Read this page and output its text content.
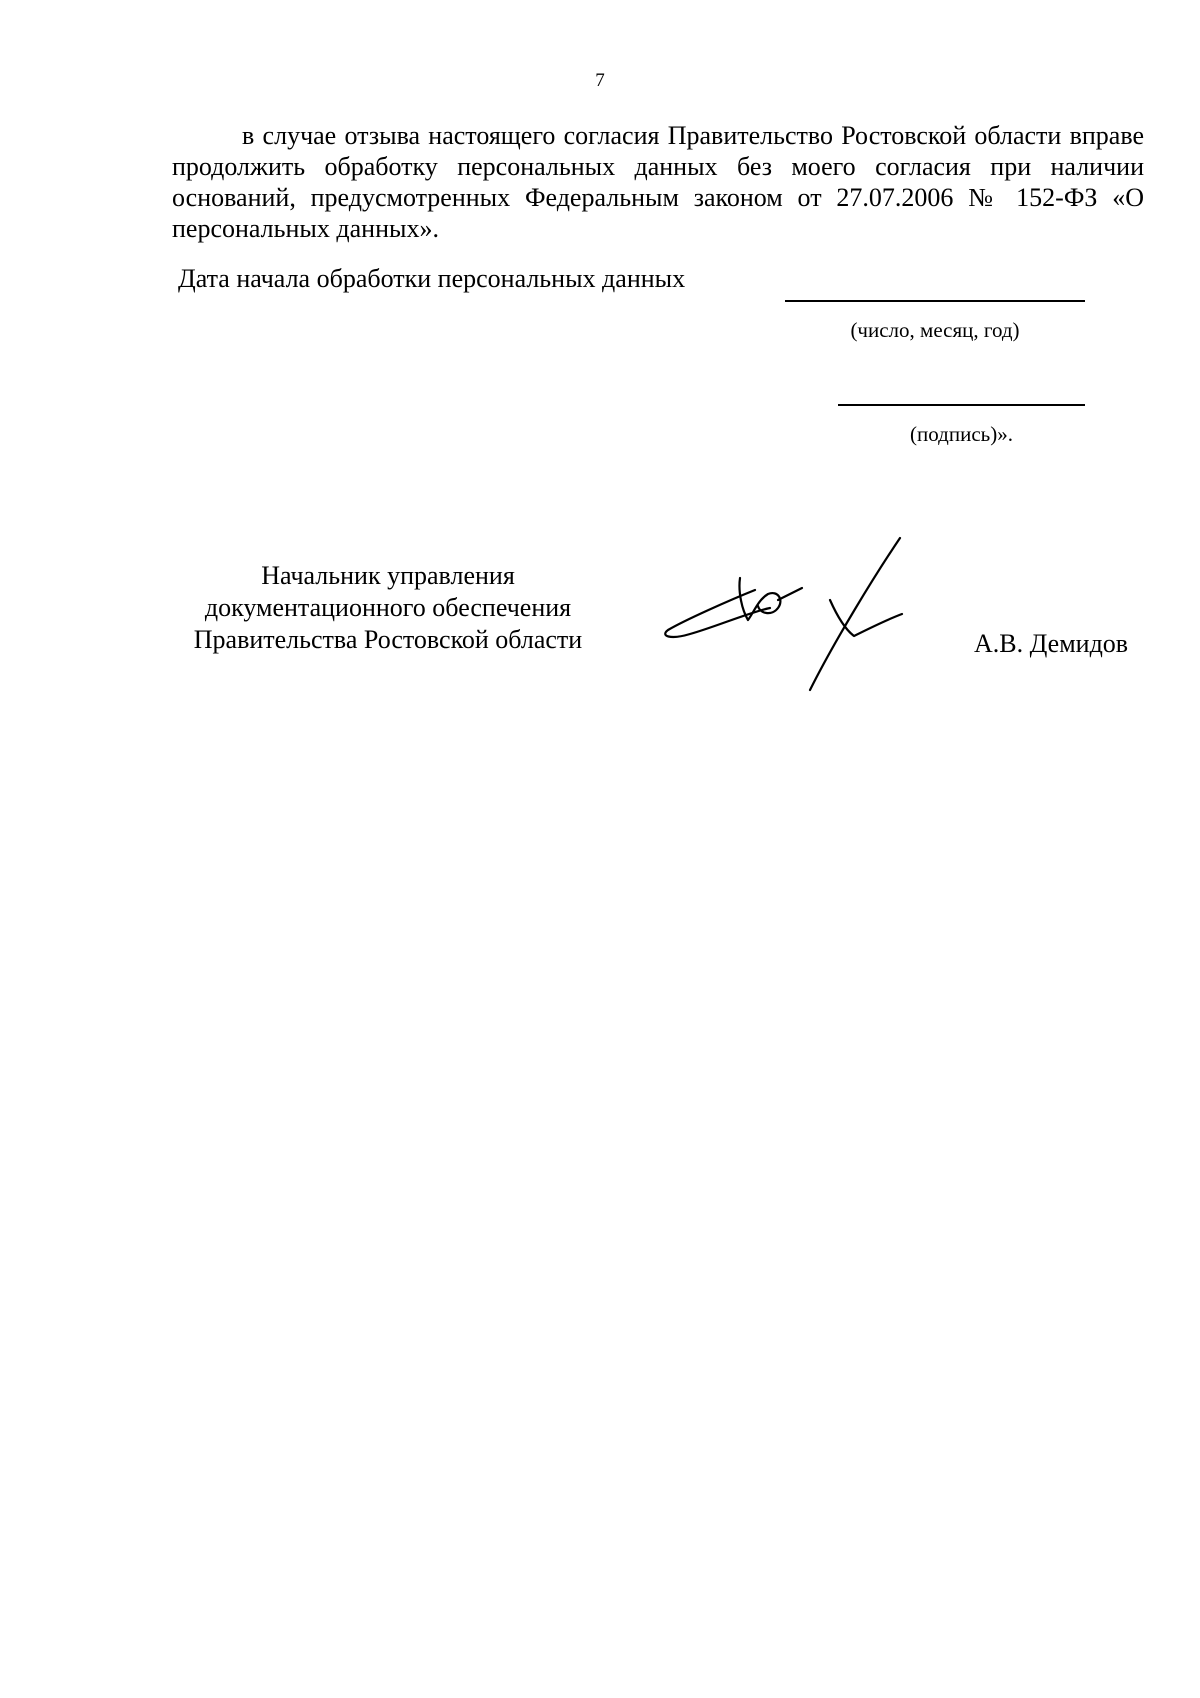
7

в случае отзыва настоящего согласия Правительство Ростовской области вправе продолжить обработку персональных данных без моего согласия при наличии оснований, предусмотренных Федеральным законом от 27.07.2006 № 152-ФЗ «О персональных данных».

Дата начала обработки персональных данных
(число, месяц, год)
(подпись)».
Начальник управления
документационного обеспечения
Правительства Ростовской области	А.В. Демидов
